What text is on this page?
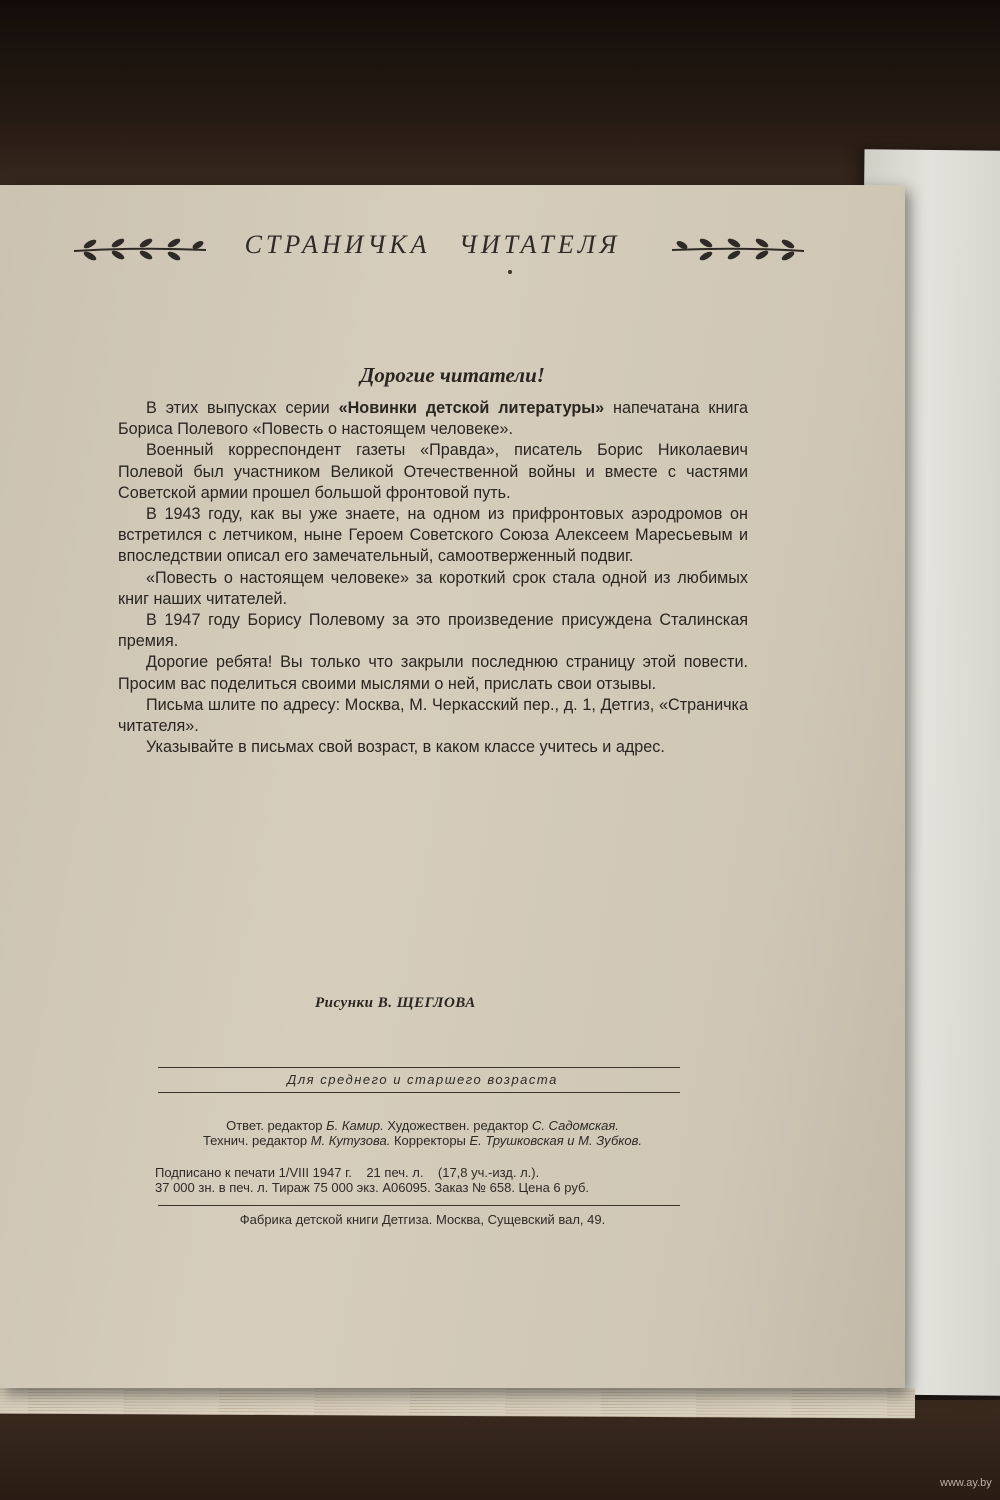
СТРАНИЧКА ЧИТАТЕЛЯ
Дорогие читатели!

В этих выпусках серии «Новинки детской литературы» напечатана книга Бориса Полевого «Повесть о настоящем человеке».

Военный корреспондент газеты «Правда», писатель Борис Николаевич Полевой был участником Великой Отечественной войны и вместе с частями Советской армии прошел большой фронтовой путь.

В 1943 году, как вы уже знаете, на одном из прифронтовых аэродромов он встретился с летчиком, ныне Героем Советского Союза Алексеем Маресьевым и впоследствии описал его замечательный, самоотверженный подвиг.

«Повесть о настоящем человеке» за короткий срок стала одной из любимых книг наших читателей.

В 1947 году Борису Полевому за это произведение присуждена Сталинская премия.

Дорогие ребята! Вы только что закрыли последнюю страницу этой повести. Просим вас поделиться своими мыслями о ней, прислать свои отзывы.

Письма шлите по адресу: Москва, М. Черкасский пер., д. 1, Детгиз, «Страничка читателя».

Указывайте в письмах свой возраст, в каком классе учитесь и адрес.

Рисунки В. ЩЕГЛОВА
Для среднего и старшего возраста
Ответ. редактор Б. Камир. Художествен. редактор С. Садомская.
Технич. редактор М. Кутузова. Корректоры Е. Трушковская и М. Зубков.
Подписано к печати 1/VIII 1947 г. 21 печ. л. (17,8 уч.-изд. л.).
37 000 зн. в печ. л. Тираж 75 000 экз. А06095. Заказ № 658. Цена 6 руб.
Фабрика детской книги Детгиза. Москва, Сущевский вал, 49.
www.ay.by
